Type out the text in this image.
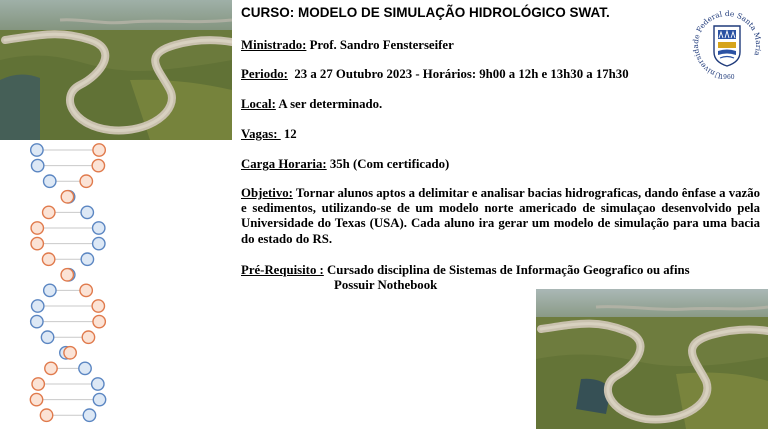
CURSO: MODELO DE SIMULAÇÃO HIDROLÓGICO SWAT.
Ministrado: Prof. Sandro Fensterseifer
Periodo:  23 a 27 Outubro 2023 - Horários: 9h00 a 12h e 13h30 a 17h30
Local: A ser determinado.
Vagas:  12
Carga Horaria: 35h (Com certificado)
Objetivo: Tornar alunos aptos a delimitar e analisar bacias hidrograficas, dando ênfase a vazão e sedimentos, utilizando-se de um modelo norte americado de simulaçao desenvolvido pela Universidade do Texas (USA). Cada aluno ira gerar um modelo de simulação para uma bacia do estado do RS.
Pré-Requisito : Cursado disciplina de Sistemas de Informação Geografico ou afins
Possuir Nothebook
Universidade Federal de Santa Maria
1960
